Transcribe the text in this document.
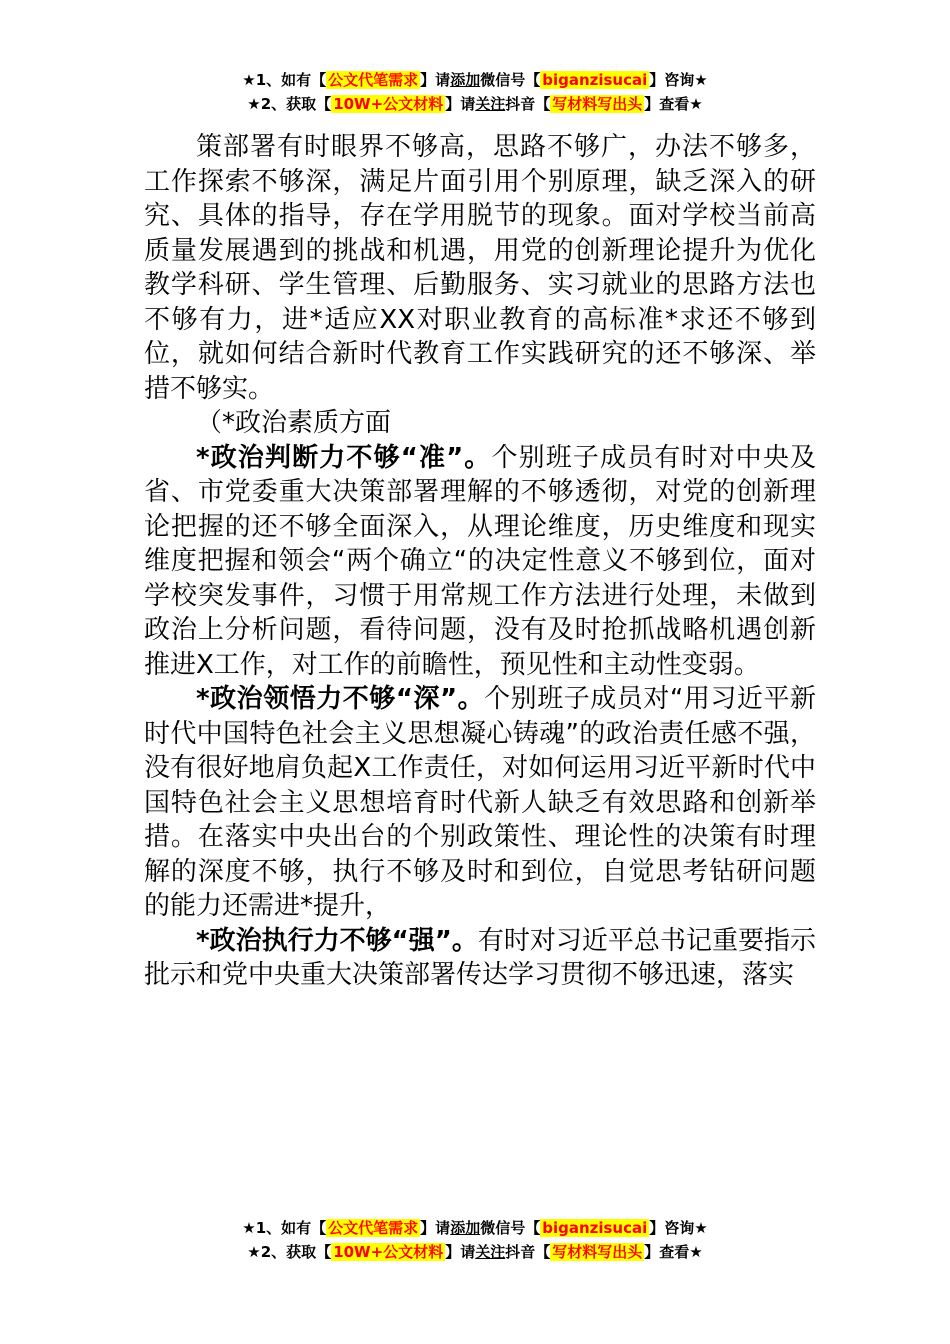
★1、如有【 公文代笔需求 】请添加微信号【 biganzisucai 】咨询★
★2、获取【 10W+公文材料 】请关注抖音【 写材料写出头 】查看★

策部署有时眼界不够高，思路不够广，办法不够多，工作探索不够深，满足片面引用个别原理，缺乏深入的研究、具体的指导，存在学用脱节的现象。面对学校当前高质量发展遇到的挑战和机遇，用党的创新理论提升为优化教学科研、学生管理、后勤服务、实习就业的思路方法也不够有力，进*适应XX对职业教育的高标准*求还不够到位，就如何结合新时代教育工作实践研究的还不够深、举措不够实。

（*政治素质方面

*政治判断力不够“准”。个别班子成员有时对中央及省、市党委重大决策部署理解的不够透彻，对党的创新理论把握的还不够全面深入，从理论维度，历史维度和现实维度把握和领会“两个确立“的决定性意义不够到位，面对学校突发事件，习惯于用常规工作方法进行处理，未做到政治上分析问题，看待问题，没有及时抢抓战略机遇创新推进X工作，对工作的前瞻性，预见性和主动性变弱。

*政治领悟力不够“深”。个别班子成员对“用习近平新时代中国特色社会主义思想凝心铸魂”的政治责任感不强，没有很好地肩负起X工作责任，对如何运用习近平新时代中国特色社会主义思想培育时代新人缺乏有效思路和创新举措。在落实中央出台的个别政策性、理论性的决策有时理解的深度不够，执行不够及时和到位，自觉思考钻研问题的能力还需进*提升，

*政治执行力不够“强”。有时对习近平总书记重要指示批示和党中央重大决策部署传达学习贯彻不够迅速，落实

★1、如有【 公文代笔需求 】请添加微信号【 biganzisucai 】咨询★
★2、获取【 10W+公文材料 】请关注抖音【 写材料写出头 】查看★
